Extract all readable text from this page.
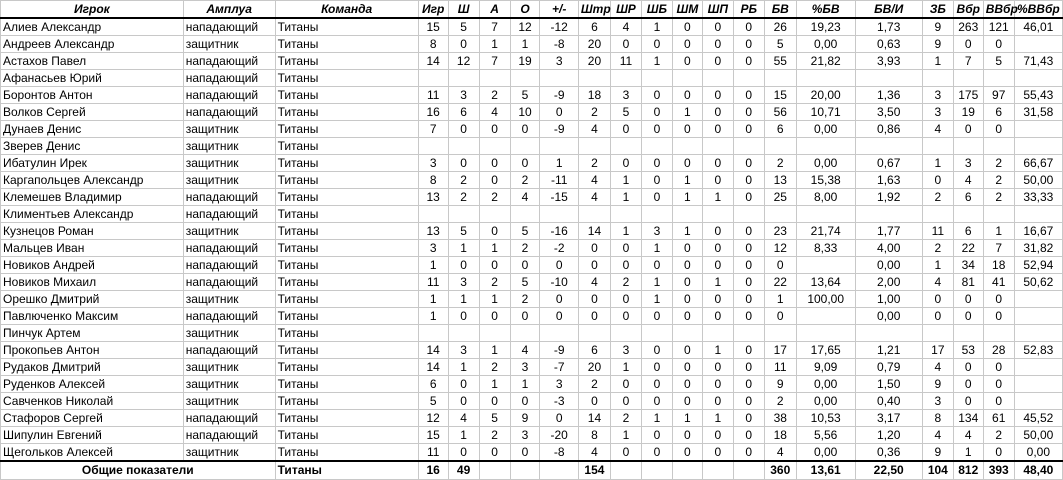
Игрок	Амплуа	Команда	Игр	Ш	А	О	+/-	Штр	ШР	ШБ	ШМ	ШП	РБ	БВ	%БВ	БВ/И	ЗБ	Вбр	ВВбр	%ВВбр
Алиев Александр	нападающий	Титаны	15	5	7	12	-12	6	4	1	0	0	0	26	19,23	1,73	9	263	121	46,01
Андреев Александр	защитник	Титаны	8	0	1	1	-8	20	0	0	0	0	0	5	0,00	0,63	9	0	0	
Астахов Павел	нападающий	Титаны	14	12	7	19	3	20	11	1	0	0	0	55	21,82	3,93	1	7	5	71,43
Афанасьев Юрий	нападающий	Титаны																		
Боронтов Антон	нападающий	Титаны	11	3	2	5	-9	18	3	0	0	0	0	15	20,00	1,36	3	175	97	55,43
Волков Сергей	нападающий	Титаны	16	6	4	10	0	2	5	0	1	0	0	56	10,71	3,50	3	19	6	31,58
Дунаев Денис	защитник	Титаны	7	0	0	0	-9	4	0	0	0	0	0	6	0,00	0,86	4	0	0	
Зверев Денис	защитник	Титаны																		
Ибатулин Ирек	защитник	Титаны	3	0	0	0	1	2	0	0	0	0	0	2	0,00	0,67	1	3	2	66,67
Каргапольцев Александр	защитник	Титаны	8	2	0	2	-11	4	1	0	1	0	0	13	15,38	1,63	0	4	2	50,00
Клемешев Владимир	нападающий	Титаны	13	2	2	4	-15	4	1	0	1	1	0	25	8,00	1,92	2	6	2	33,33
Климентьев Александр	нападающий	Титаны																		
Кузнецов Роман	защитник	Титаны	13	5	0	5	-16	14	1	3	1	0	0	23	21,74	1,77	11	6	1	16,67
Мальцев Иван	нападающий	Титаны	3	1	1	2	-2	0	0	1	0	0	0	12	8,33	4,00	2	22	7	31,82
Новиков Андрей	нападающий	Титаны	1	0	0	0	0	0	0	0	0	0	0	0		0,00	1	34	18	52,94
Новиков Михаил	нападающий	Титаны	11	3	2	5	-10	4	2	1	0	1	0	22	13,64	2,00	4	81	41	50,62
Орешко Дмитрий	защитник	Титаны	1	1	1	2	0	0	0	1	0	0	0	1	100,00	1,00	0	0	0	
Павлюченко Максим	нападающий	Титаны	1	0	0	0	0	0	0	0	0	0	0	0		0,00	0	0	0	
Пинчук Артем	защитник	Титаны																		
Прокопьев Антон	нападающий	Титаны	14	3	1	4	-9	6	3	0	0	1	0	17	17,65	1,21	17	53	28	52,83
Рудаков Дмитрий	защитник	Титаны	14	1	2	3	-7	20	1	0	0	0	0	11	9,09	0,79	4	0	0	
Руденков Алексей	защитник	Титаны	6	0	1	1	3	2	0	0	0	0	0	9	0,00	1,50	9	0	0	
Савченков Николай	защитник	Титаны	5	0	0	0	-3	0	0	0	0	0	0	2	0,00	0,40	3	0	0	
Стафоров Сергей	нападающий	Титаны	12	4	5	9	0	14	2	1	1	1	0	38	10,53	3,17	8	134	61	45,52
Шипулин Евгений	нападающий	Титаны	15	1	2	3	-20	8	1	0	0	0	0	18	5,56	1,20	4	4	2	50,00
Щегольков Алексей	защитник	Титаны	11	0	0	0	-8	4	0	0	0	0	0	4	0,00	0,36	9	1	0	0,00
Общие показатели		Титаны	16	49				154						360	13,61	22,50	104	812	393	48,40
